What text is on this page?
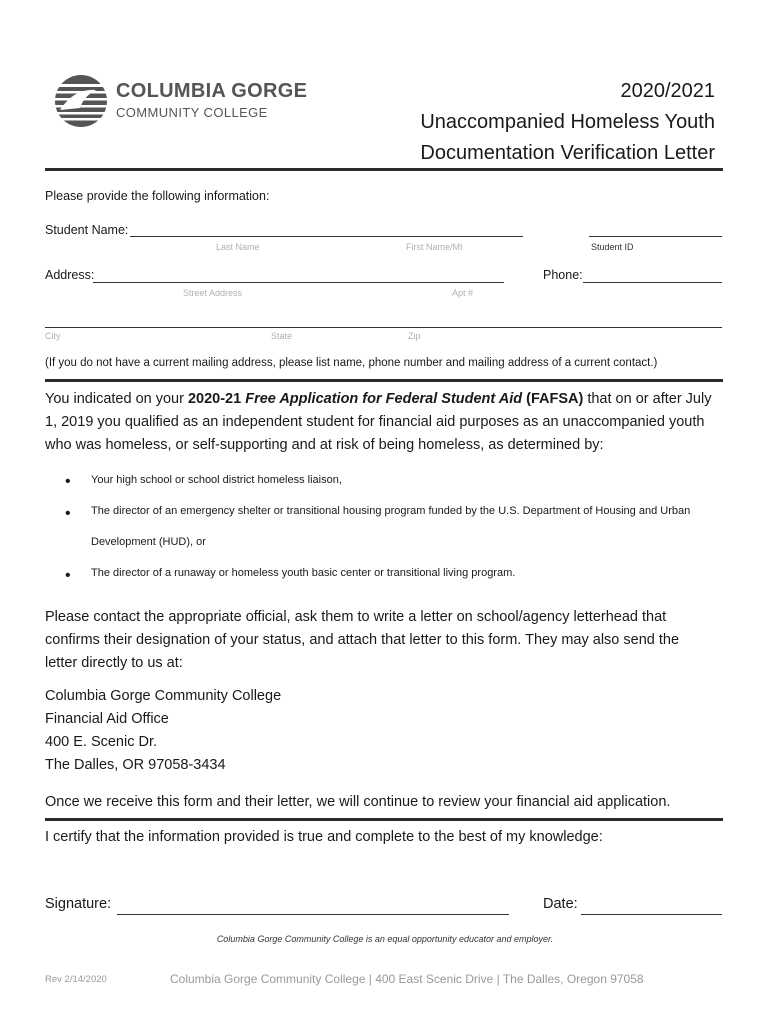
COLUMBIA GORGE
COMMUNITY COLLEGE
2020/2021
Unaccompanied Homeless Youth
Documentation Verification Letter
Please provide the following information:
Student Name:
Last Name	First Name/MI	Student ID
Address:	Phone:
Street Address	Apt #
City	State	Zip
(If you do not have a current mailing address, please list name, phone number and mailing address of a current contact.)
You indicated on your 2020-21 Free Application for Federal Student Aid (FAFSA) that on or after July 1, 2019 you qualified as an independent student for financial aid purposes as an unaccompanied youth who was homeless, or self-supporting and at risk of being homeless, as determined by:
• Your high school or school district homeless liaison,
• The director of an emergency shelter or transitional housing program funded by the U.S. Department of Housing and Urban
Development (HUD), or
• The director of a runaway or homeless youth basic center or transitional living program.
Please contact the appropriate official, ask them to write a letter on school/agency letterhead that confirms their designation of your status, and attach that letter to this form. They may also send the letter directly to us at:
Columbia Gorge Community College
Financial Aid Office
400 E. Scenic Dr.
The Dalles, OR 97058-3434
Once we receive this form and their letter, we will continue to review your financial aid application.
I certify that the information provided is true and complete to the best of my knowledge:
Signature:	Date:
Columbia Gorge Community College is an equal opportunity educator and employer.
Rev 2/14/2020	Columbia Gorge Community College | 400 East Scenic Drive | The Dalles, Oregon 97058
